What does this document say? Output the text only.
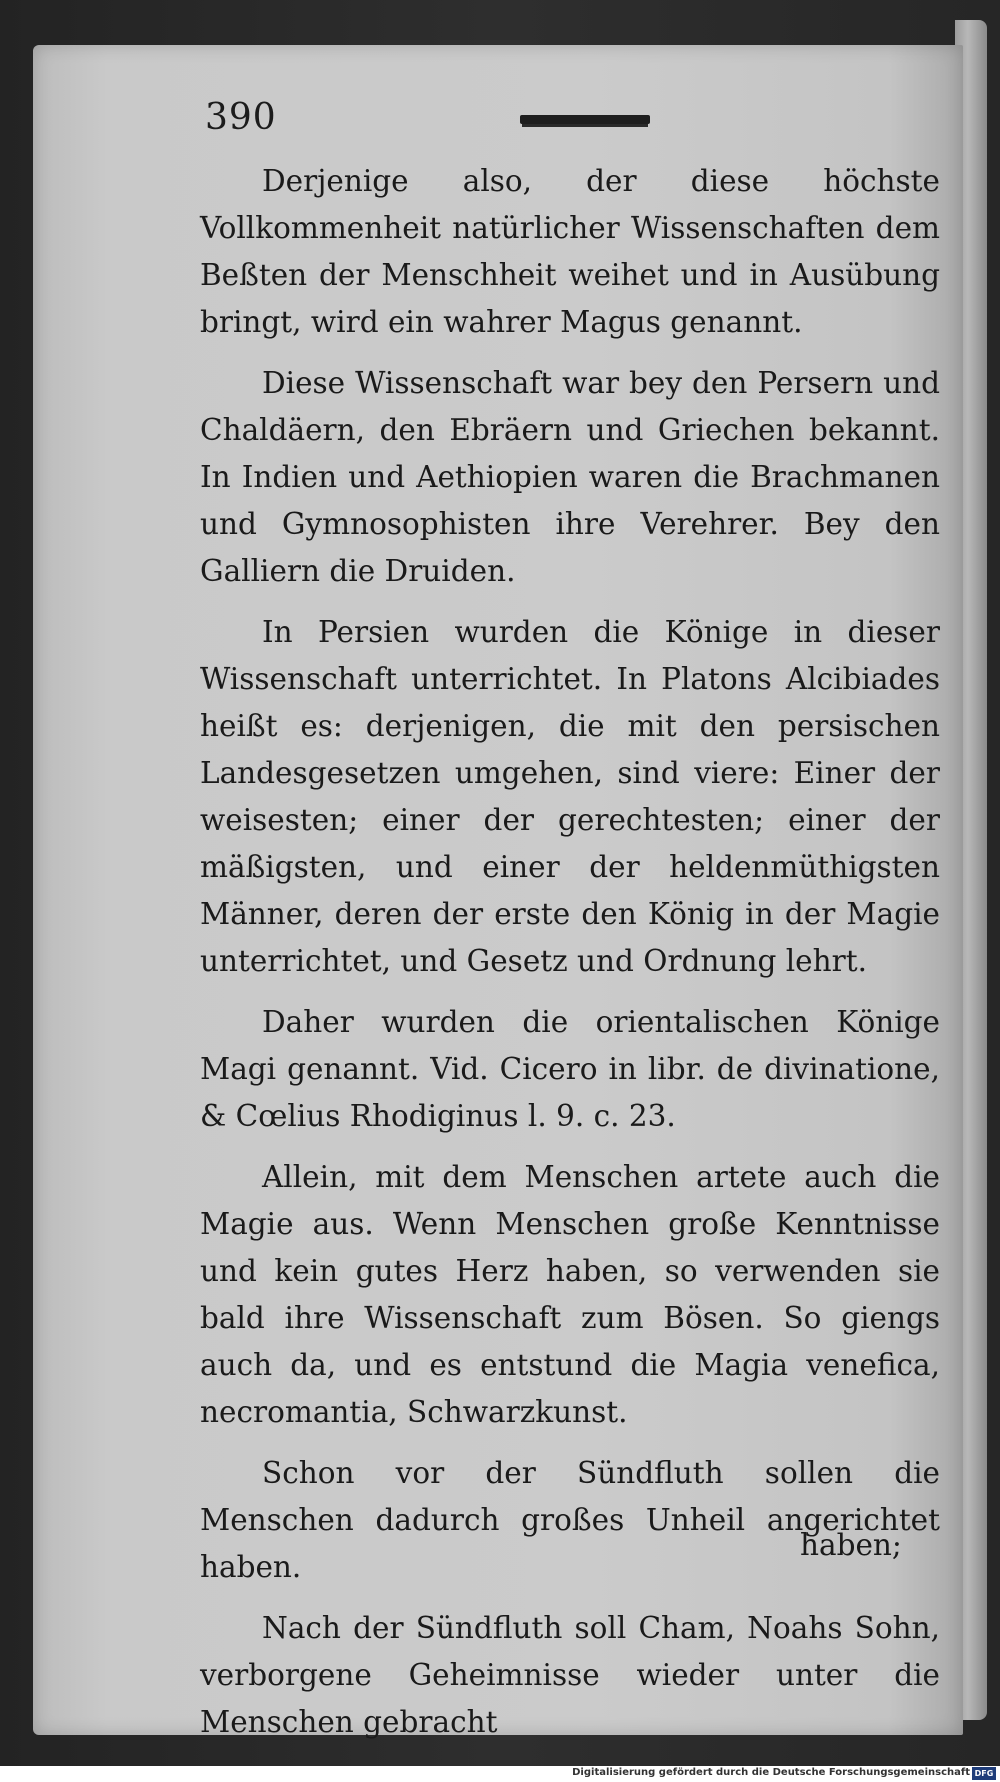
390

Derjenige also, der diese höchste Vollkommenheit natürlicher Wissenschaften dem Beßten der Menschheit weihet und in Ausübung bringt, wird ein wahrer Magus genannt.

Diese Wissenschaft war bey den Persern und Chaldäern, den Ebräern und Griechen bekannt. In Indien und Aethiopien waren die Brachmanen und Gymnosophisten ihre Verehrer. Bey den Galliern die Druiden.

In Persien wurden die Könige in dieser Wissenschaft unterrichtet. In Platons Alcibiades heißt es: derjenigen, die mit den persischen Landesgesetzen umgehen, sind viere: Einer der weisesten; einer der gerechtesten; einer der mäßigsten, und einer der heldenmüthigsten Männer, deren der erste den König in der Magie unterrichtet, und Gesetz und Ordnung lehrt.

Daher wurden die orientalischen Könige Magi genannt. Vid. Cicero in libr. de divinatione, & Cœlius Rhodiginus l. 9. c. 23.

Allein, mit dem Menschen artete auch die Magie aus. Wenn Menschen große Kenntnisse und kein gutes Herz haben, so verwenden sie bald ihre Wissenschaft zum Bösen. So giengs auch da, und es entstund die Magia venefica, necromantia, Schwarzkunst.

Schon vor der Sündfluth sollen die Menschen dadurch großes Unheil angerichtet haben.

Nach der Sündfluth soll Cham, Noahs Sohn, verborgene Geheimnisse wieder unter die Menschen gebracht

haben;
Digitalisierung gefördert durch die Deutsche Forschungsgemeinschaft DFG
